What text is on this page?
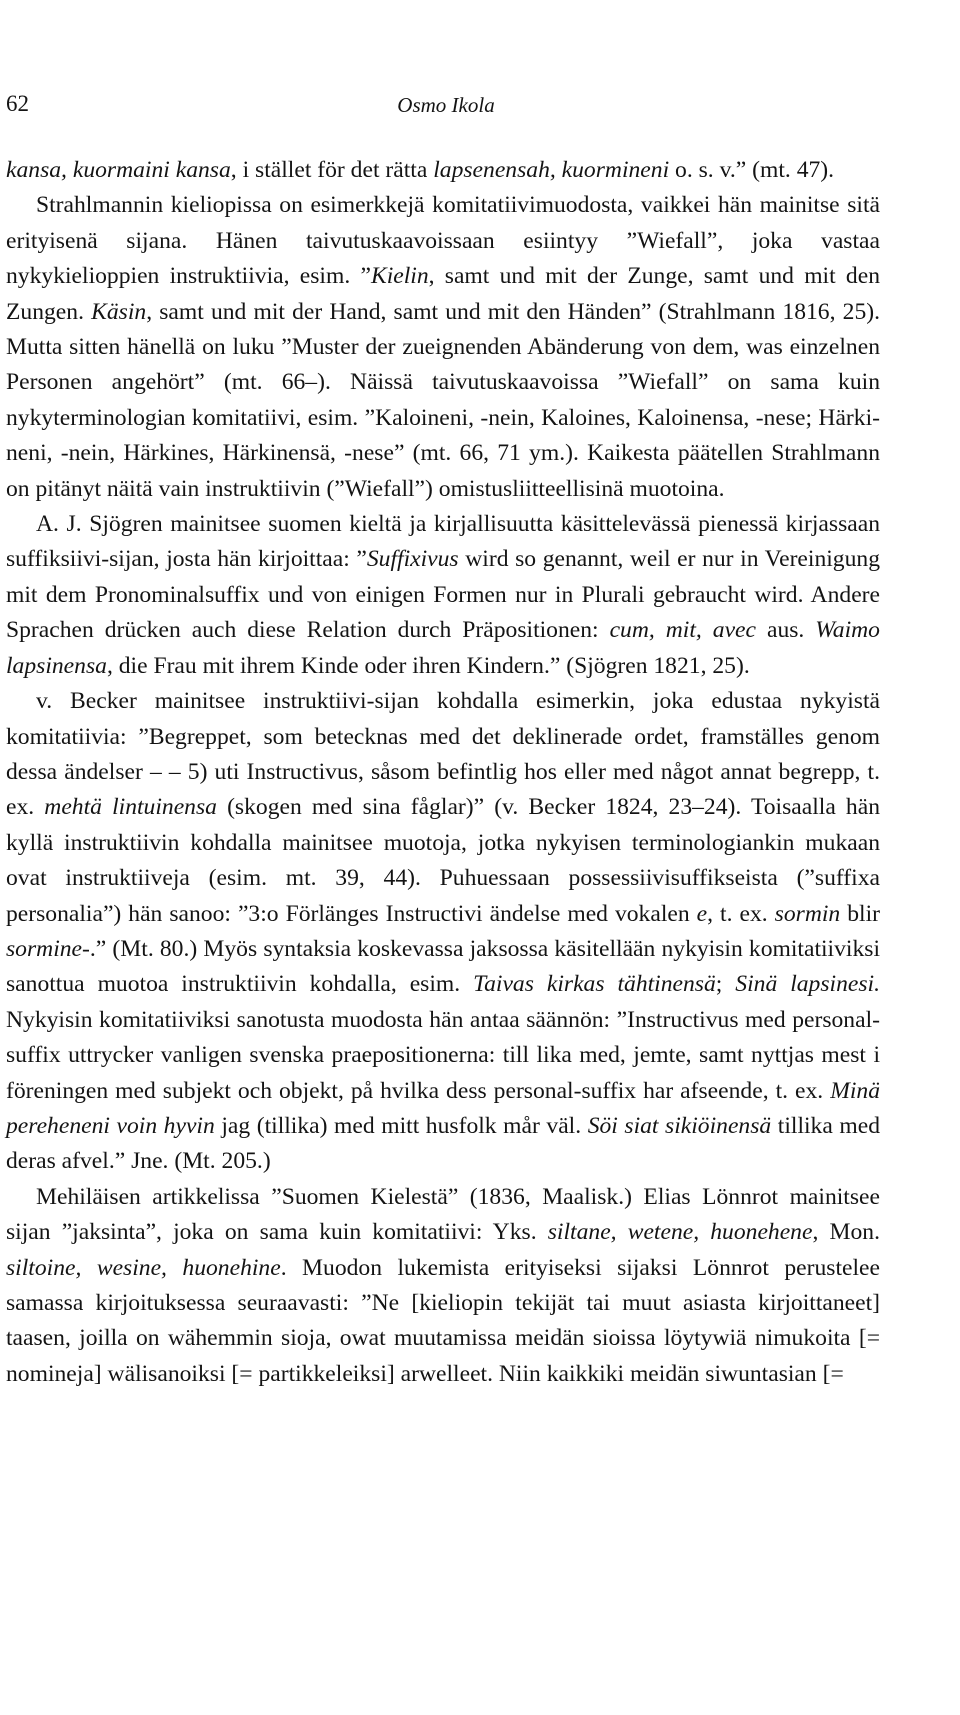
62	Osmo Ikola

kansa, kuormaini kansa, i stället för det rätta lapsenensah, kuormineni o. s. v.” (mt. 47).

Strahlmannin kieliopissa on esimerkkejä komitatiivimuodosta, vaikkei hän mainitse sitä erityisenä sijana. Hänen taivutuskaavoissaan esiintyy ”Wiefall”, joka vastaa nykykielioppien instruktiivia, esim. ”Kielin, samt und mit der Zunge, samt und mit den Zungen. Käsin, samt und mit der Hand, samt und mit den Händen” (Strahlmann 1816, 25). Mutta sitten hänellä on luku ”Muster der zueignenden Abänderung von dem, was einzelnen Personen angehört” (mt. 66–). Näissä taivutuskaavoissa ”Wiefall” on sama kuin nykyterminologian komitatiivi, esim. ”Kaloineni, -nein, Kaloines, Kaloinensa, -nese; Härkineni, -nein, Härkines, Härkinensä, -nese” (mt. 66, 71 ym.). Kaikesta päätellen Strahlmann on pitänyt näitä vain instruktiivin (”Wiefall”) omistusliitteellisinä muotoina.

A. J. Sjögren mainitsee suomen kieltä ja kirjallisuutta käsittelevässä pienessä kirjassaan suffiksiivi-sijan, josta hän kirjoittaa: ”Suffixivus wird so genannt, weil er nur in Vereinigung mit dem Pronominalsuffix und von einigen Formen nur in Plurali gebraucht wird. Andere Sprachen drücken auch diese Relation durch Präpositionen: cum, mit, avec aus. Waimo lapsinensa, die Frau mit ihrem Kinde oder ihren Kindern.” (Sjögren 1821, 25).

v. Becker mainitsee instruktiivi-sijan kohdalla esimerkin, joka edustaa nykyistä komitatiivia: ”Begreppet, som betecknas med det deklinerade ordet, framställes genom dessa ändelser – – 5) uti Instructivus, såsom befintlig hos eller med något annat begrepp, t. ex. mehtä lintuinensa (skogen med sina fåglar)” (v. Becker 1824, 23–24). Toisaalla hän kyllä instruktiivin kohdalla mainitsee muotoja, jotka nykyisen terminologiankin mukaan ovat instruktiiveja (esim. mt. 39, 44). Puhuessaan possessiivisuffikseista (”suffixa personalia”) hän sanoo: ”3:o Förlänges Instructivi ändelse med vokalen e, t. ex. sormin blir sormine-.” (Mt. 80.) Myös syntaksia koskevassa jaksossa käsitellään nykyisin komitatiiviksi sanottua muotoa instruktiivin kohdalla, esim. Taivas kirkas tähtinensä; Sinä lapsinesi. Nykyisin komitatiiviksi sanotusta muodosta hän antaa säännön: ”Instructivus med personal-suffix uttrycker vanligen svenska praepositionerna: till lika med, jemte, samt nyttjas mest i föreningen med subjekt och objekt, på hvilka dess personal-suffix har afseende, t. ex. Minä pereheneni voin hyvin jag (tillika) med mitt husfolk mår väl. Söi siat sikiöinensä tillika med deras afvel.” Jne. (Mt. 205.)

Mehiläisen artikkelissa ”Suomen Kielestä” (1836, Maalisk.) Elias Lönnrot mainitsee sijan ”jaksinta”, joka on sama kuin komitatiivi: Yks. siltane, wetene, huonehene, Mon. siltoine, wesine, huonehine. Muodon lukemista erityiseksi sijaksi Lönnrot perustelee samassa kirjoituksessa seuraavasti: ”Ne [kieliopin tekijät tai muut asiasta kirjoittaneet] taasen, joilla on wähemmin sioja, owat muutamissa meidän sioissa löytywiä nimukoita [= nomineja] wälisanoiksi [= partikkeleiksi] arwelleet. Niin kaikkiki meidän siwuntasian [=
